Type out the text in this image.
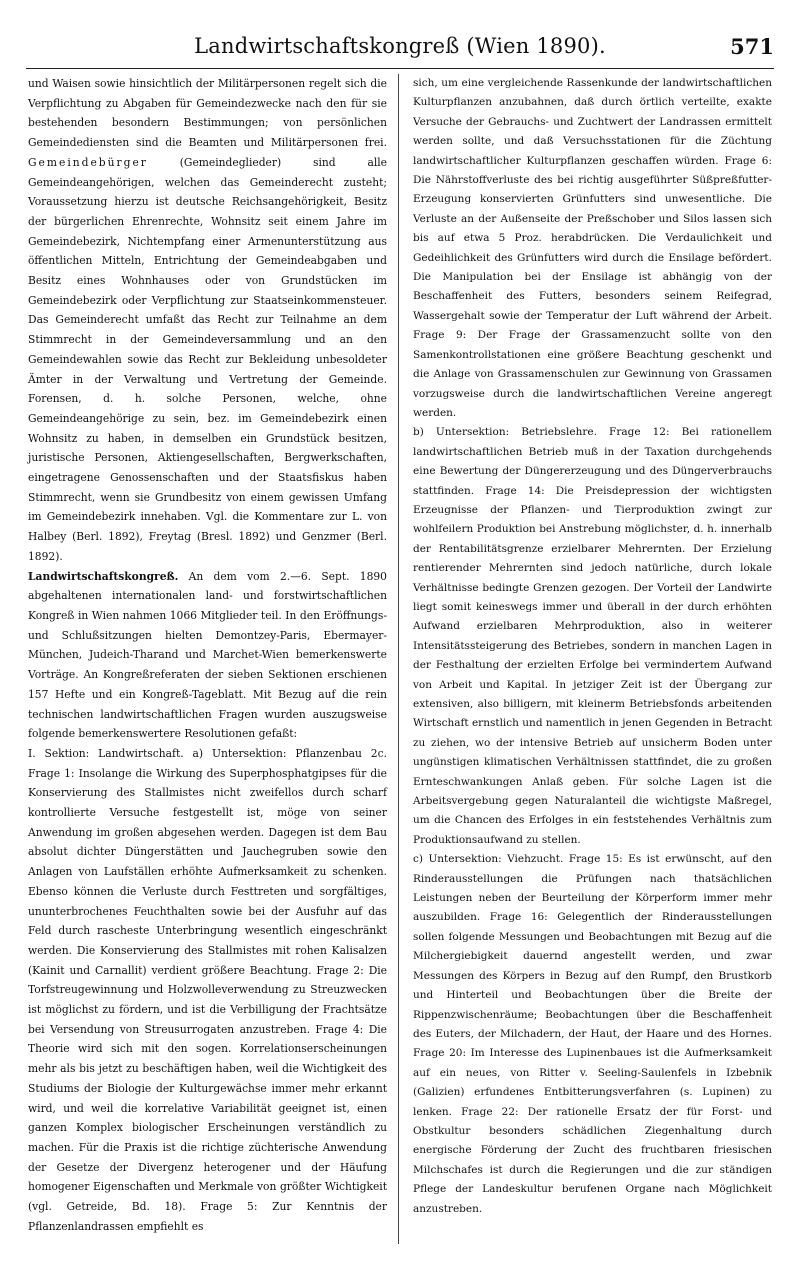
Landwirtschaftskongreß (Wien 1890).	571

und Waisen sowie hinsichtlich der Militärpersonen regelt sich die Verpflichtung zu Abgaben für Gemeindezwecke nach den für sie bestehenden besondern Bestimmungen; von persönlichen Gemeindediensten sind die Beamten und Militärpersonen frei. Gemeindebürger	(Gemeindeglieder) sind alle Gemeindeangehörigen, welchen das Gemeinderecht zusteht; Voraussetzung hierzu ist deutsche Reichsangehörigkeit, Besitz der bürgerlichen Ehrenrechte, Wohnsitz seit einem Jahre im Gemeindebezirk, Nichtempfang einer Armenunterstützung aus öffentlichen Mitteln, Entrichtung der Gemeindeabgaben und Besitz eines Wohnhauses oder von Grundstücken im Gemeindebezirk oder Verpflichtung zur Staatseinkommensteuer. Das Gemeinderecht umfaßt das Recht zur Teilnahme an dem Stimmrecht in der Gemeindeversammlung und an den Gemeindewahlen sowie das Recht zur Bekleidung unbesoldeter Ämter in der Verwaltung und Vertretung der Gemeinde. Forensen, d. h. solche Personen, welche, ohne Gemeindeangehörige zu sein, bez. im Gemeindebezirk einen Wohnsitz zu haben, in demselben ein Grundstück besitzen, juristische Personen, Aktiengesellschaften, Bergwerkschaften, eingetragene Genossenschaften und der Staatsfiskus haben Stimmrecht, wenn sie Grundbesitz von einem gewissen Umfang im Gemeindebezirk innehaben. Vgl. die Kommentare zur L. von Halbey (Berl. 1892), Freytag (Bresl. 1892) und Genzmer (Berl. 1892).

Landwirtschaftskongreß. An dem vom 2.—6. Sept. 1890 abgehaltenen internationalen land- und forstwirtschaftlichen Kongreß in Wien nahmen 1066 Mitglieder teil. In den Eröffnungs- und Schlußsitzungen hielten Demontzey-Paris, Ebermayer-München, Judeich-Tharand und Marchet-Wien bemerkenswerte Vorträge. An Kongreßreferaten der sieben Sektionen erschienen 157 Hefte und ein Kongreß-Tageblatt. Mit Bezug auf die rein technischen landwirtschaftlichen Fragen wurden auszugsweise folgende bemerkenswertere Resolutionen gefaßt:

I. Sektion: Landwirtschaft. a) Untersektion: Pflanzenbau 2c. Frage 1: Insolange die Wirkung des Superphosphatgipses für die Konservierung des Stallmistes nicht zweifellos durch scharf kontrollierte Versuche festgestellt ist, möge von seiner Anwendung im großen abgesehen werden. Dagegen ist dem Bau absolut dichter Düngerstätten und Jauchegruben sowie den Anlagen von Laufställen erhöhte Aufmerksamkeit zu schenken. Ebenso können die Verluste durch Festtreten und sorgfältiges, ununterbrochenes Feuchthalten sowie bei der Ausfuhr auf das Feld durch rascheste Unterbringung wesentlich eingeschränkt werden. Die Konservierung des Stallmistes mit rohen Kalisalzen (Kainit und Carnallit) verdient größere Beachtung. Frage 2: Die Torfstreugewinnung und Holzwolleverwendung zu Streuzwecken ist möglichst zu fördern, und ist die Verbilligung der Frachtsätze bei Versendung von Streusurrogaten anzustreben. Frage 4: Die Theorie wird sich mit den sogen. Korrelationserscheinungen mehr als bis jetzt zu beschäftigen haben, weil die Wichtigkeit des Studiums der Biologie der Kulturgewächse immer mehr erkannt wird, und weil die korrelative Variabilität geeignet ist, einen ganzen Komplex biologischer Erscheinungen verständlich zu machen. Für die Praxis ist die richtige züchterische Anwendung der Gesetze der Divergenz heterogener und der Häufung homogener Eigenschaften und Merkmale von größter Wichtigkeit (vgl. Getreide, Bd. 18). Frage 5: Zur Kenntnis der Pflanzenlandrassen empfiehlt es

sich, um eine vergleichende Rassenkunde der landwirtschaftlichen Kulturpflanzen anzubahnen, daß durch örtlich verteilte, exakte Versuche der Gebrauchs- und Zuchtwert der Landrassen ermittelt werden sollte, und daß Versuchsstationen für die Züchtung landwirtschaftlicher Kulturpflanzen geschaffen würden. Frage 6: Die Nährstoffverluste des bei richtig ausgeführter Süßpreßfutter-Erzeugung konservierten Grünfutters sind unwesentliche. Die Verluste an der Außenseite der Preßschober und Silos lassen sich bis auf etwa 5 Proz. herabdrücken. Die Verdaulichkeit und Gedeihlichkeit des Grünfutters wird durch die Ensilage befördert. Die Manipulation bei der Ensilage ist abhängig von der Beschaffenheit des Futters, besonders seinem Reifegrad, Wassergehalt sowie der Temperatur der Luft während der Arbeit. Frage 9: Der Frage der Grassamenzucht sollte von den Samenkontrollstationen eine größere Beachtung geschenkt und die Anlage von Grassamenschulen zur Gewinnung von Grassamen vorzugsweise durch die landwirtschaftlichen Vereine angeregt werden.

b) Untersektion: Betriebslehre. Frage 12: Bei rationellem landwirtschaftlichen Betrieb muß in der Taxation durchgehends eine Bewertung der Düngererzeugung und des Düngerverbrauchs stattfinden. Frage 14: Die Preisdepression der wichtigsten Erzeugnisse der Pflanzen- und Tierproduktion zwingt zur wohlfeilern Produktion bei Anstrebung möglichster, d. h. innerhalb der Rentabilitätsgrenze erzielbarer Mehrernten. Der Erzielung rentierender Mehrernten sind jedoch natürliche, durch lokale Verhältnisse bedingte Grenzen gezogen. Der Vorteil der Landwirte liegt somit keineswegs immer und überall in der durch erhöhten Aufwand erzielbaren Mehrproduktion, also in weiterer Intensitätssteigerung des Betriebes, sondern in manchen Lagen in der Festhaltung der erzielten Erfolge bei vermindertem Aufwand von Arbeit und Kapital. In jetziger Zeit ist der Übergang zur extensiven, also billigern, mit kleinerm Betriebsfonds arbeitenden Wirtschaft ernstlich und namentlich in jenen Gegenden in Betracht zu ziehen, wo der intensive Betrieb auf unsicherm Boden unter ungünstigen klimatischen Verhältnissen stattfindet, die zu großen Ernteschwankungen Anlaß geben. Für solche Lagen ist die Arbeitsvergebung gegen Naturalanteil die wichtigste Maßregel, um die Chancen des Erfolges in ein feststehendes Verhältnis zum Produktionsaufwand zu stellen.

c) Untersektion: Viehzucht. Frage 15: Es ist erwünscht, auf den Rinderausstellungen die Prüfungen nach thatsächlichen Leistungen neben der Beurteilung der Körperform immer mehr auszubilden. Frage 16: Gelegentlich der Rinderausstellungen sollen folgende Messungen und Beobachtungen mit Bezug auf die Milchergiebigkeit dauernd angestellt werden, und zwar Messungen des Körpers in Bezug auf den Rumpf, den Brustkorb und Hinterteil und Beobachtungen über die Breite der Rippenzwischenräume; Beobachtungen über die Beschaffenheit des Euters, der Milchadern, der Haut, der Haare und des Hornes. Frage 20: Im Interesse des Lupinenbaues ist die Aufmerksamkeit auf ein neues, von Ritter v. Seeling-Saulenfels in Izbebnik (Galizien) erfundenes Entbitterungsverfahren (s. Lupinen) zu lenken. Frage 22: Der rationelle Ersatz der für Forst- und Obstkultur besonders schädlichen Ziegenhaltung durch energische Förderung der Zucht des fruchtbaren friesischen Milchschafes ist durch die Regierungen und die zur ständigen Pflege der Landeskultur berufenen Organe nach Möglichkeit anzustreben.
